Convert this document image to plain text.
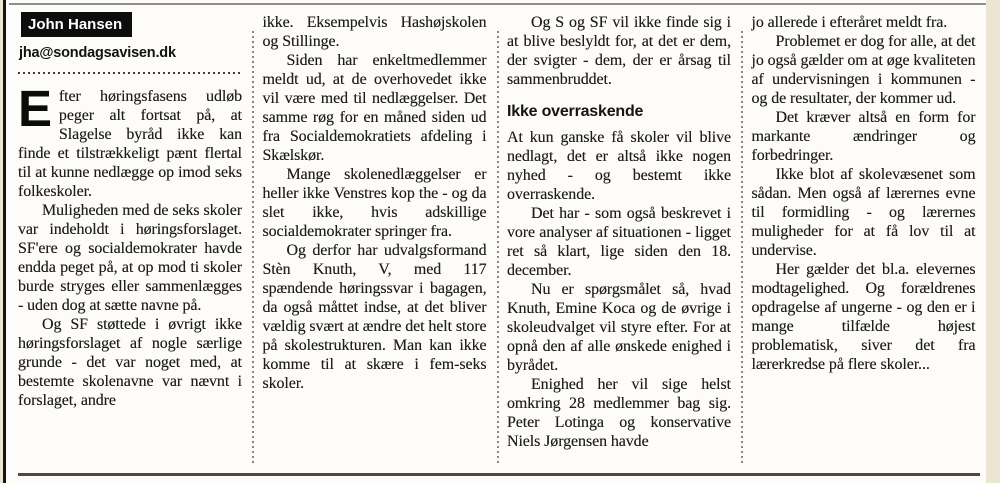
John Hansen
jha@sondagsavisen.dk

Efter høringsfasens udløb peger alt fortsat på, at Slagelse byråd ikke kan finde et tilstrækkeligt pænt flertal til at kunne nedlægge op imod seks folkeskoler.

Muligheden med de seks skoler var indeholdt i høringsforslaget. SF'ere og socialdemokrater havde endda peget på, at op mod ti skoler burde stryges eller sammenlægges - uden dog at sætte navne på.

Og SF støttede i øvrigt ikke høringsforslaget af nogle særlige grunde - det var noget med, at bestemte skolenavne var nævnt i forslaget, andre

ikke. Eksempelvis Hashøjskolen og Stillinge.

Siden har enkeltmedlemmer meldt ud, at de overhovedet ikke vil være med til nedlæggelser. Det samme røg for en måned siden ud fra Socialdemokratiets afdeling i Skælskør.

Mange skolenedlæggelser er heller ikke Venstres kop the - og da slet ikke, hvis adskillige socialdemokrater springer fra.

Og derfor har udvalgsformand Stèn Knuth, V, med 117 spændende høringssvar i bagagen, da også måttet indse, at det bliver vældig svært at ændre det helt store på skolestrukturen. Man kan ikke komme til at skære i fem-seks skoler.

Og S og SF vil ikke finde sig i at blive beslyldt for, at det er dem, der svigter - dem, der er årsag til sammenbruddet.

Ikke overraskende

At kun ganske få skoler vil blive nedlagt, det er altså ikke nogen nyhed - og bestemt ikke overraskende.

Det har - som også beskrevet i vore analyser af situationen - ligget ret så klart, lige siden den 18. december.

Nu er spørgsmålet så, hvad Knuth, Emine Koca og de øvrige i skoleudvalget vil styre efter. For at opnå den af alle ønskede enighed i byrådet.

Enighed her vil sige helst omkring 28 medlemmer bag sig. Peter Lotinga og konservative Niels Jørgensen havde

jo allerede i efteråret meldt fra.

Problemet er dog for alle, at det jo også gælder om at øge kvaliteten af undervisningen i kommunen - og de resultater, der kommer ud.

Det kræver altså en form for markante ændringer og forbedringer.

Ikke blot af skolevæsenet som sådan. Men også af lærernes evne til formidling - og lærernes muligheder for at få lov til at undervise.

Her gælder det bl.a. elevernes modtagelighed. Og forældrenes opdragelse af ungerne - og den er i mange tilfælde højest problematisk, siver det fra lærerkredse på flere skoler...
